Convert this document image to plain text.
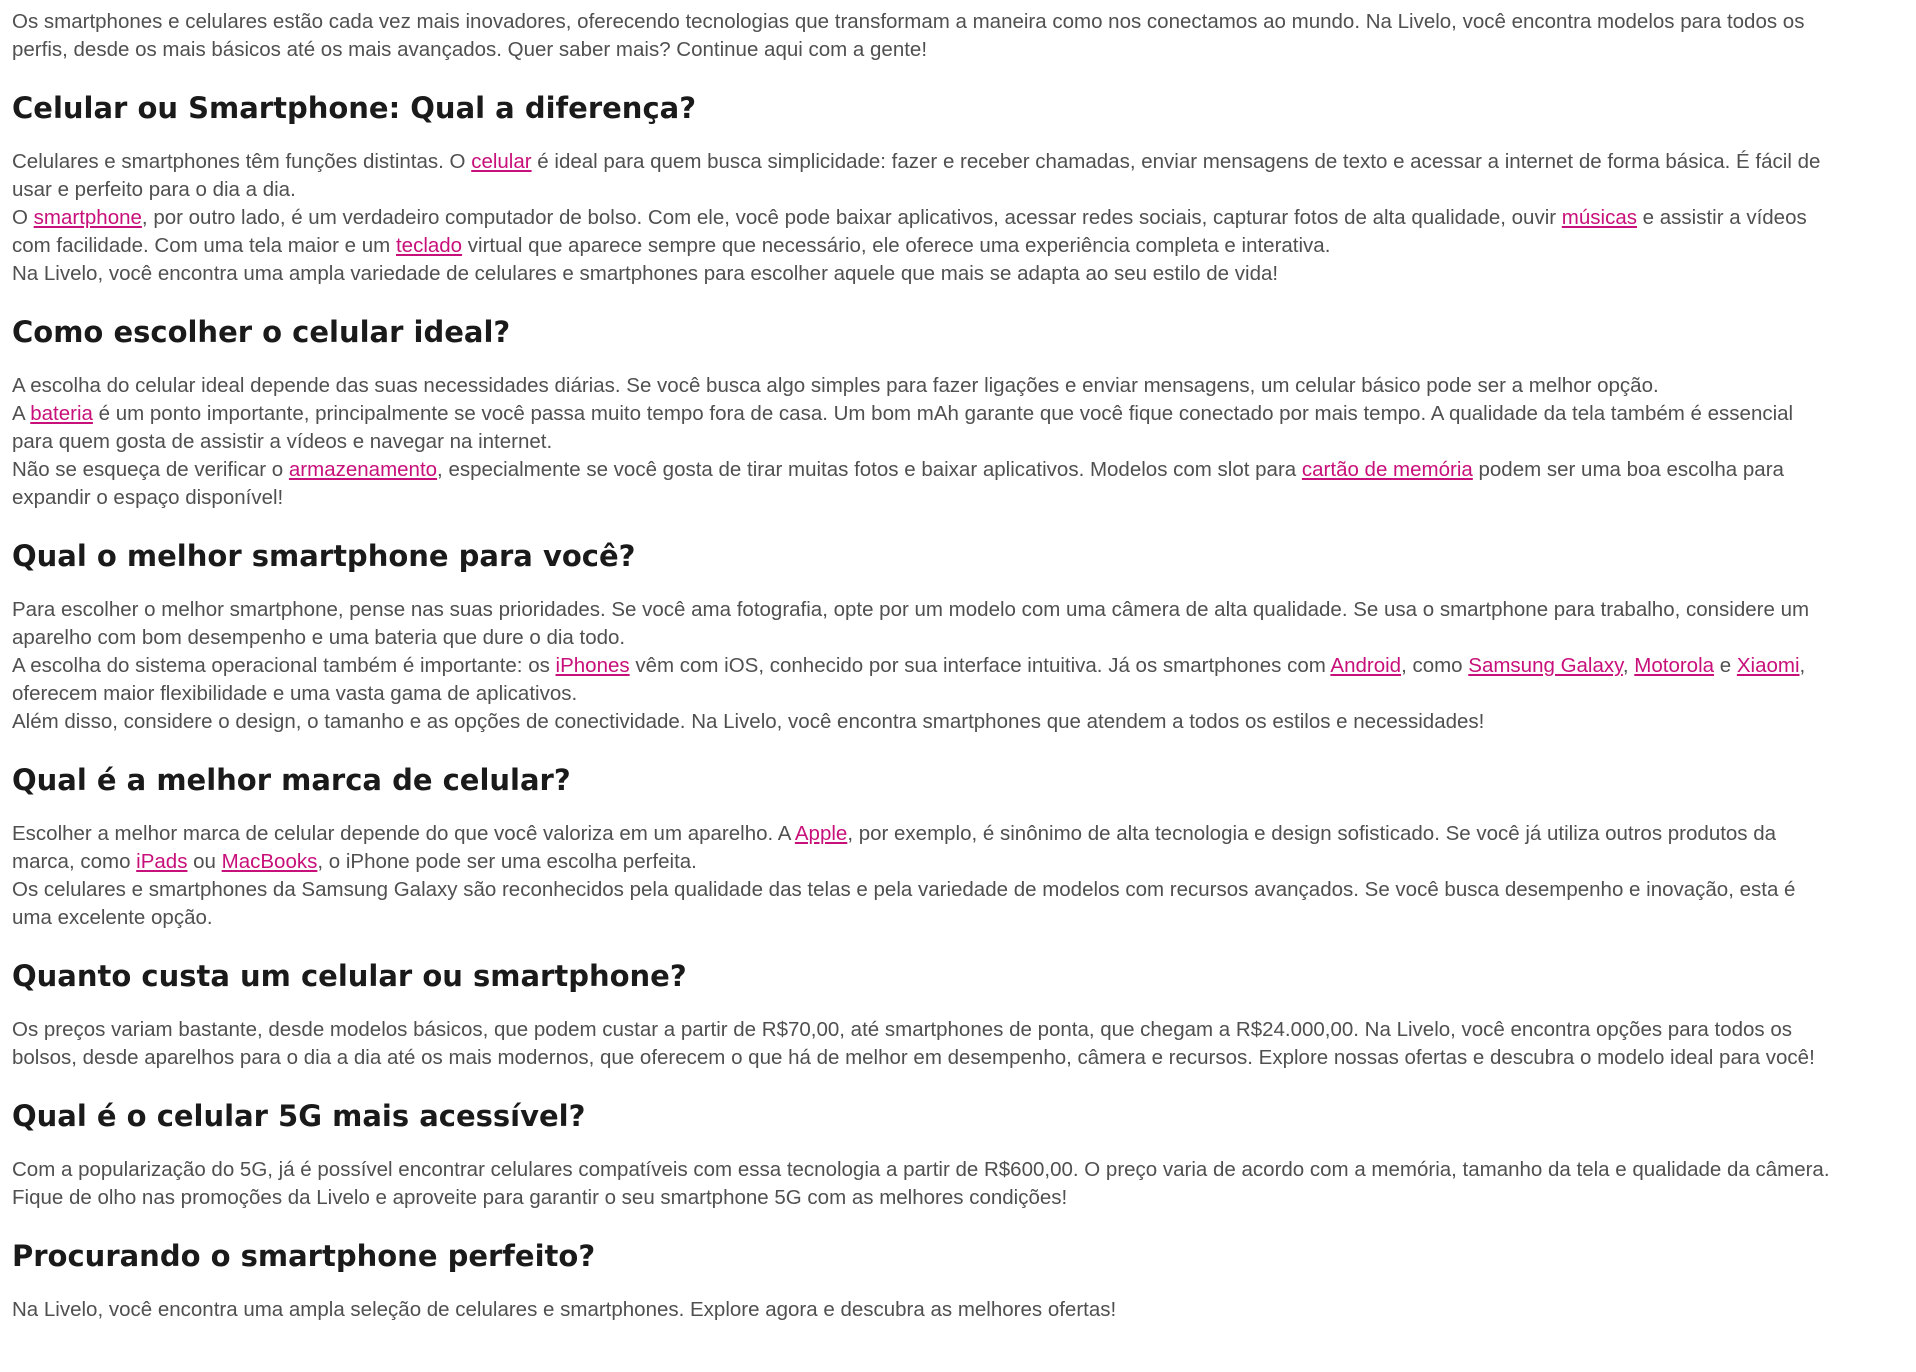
Os smartphones e celulares estão cada vez mais inovadores, oferecendo tecnologias que transformam a maneira como nos conectamos ao mundo. Na Livelo, você encontra modelos para todos os perfis, desde os mais básicos até os mais avançados. Quer saber mais? Continue aqui com a gente!

Celular ou Smartphone: Qual a diferença?

Celulares e smartphones têm funções distintas. O celular é ideal para quem busca simplicidade: fazer e receber chamadas, enviar mensagens de texto e acessar a internet de forma básica. É fácil de usar e perfeito para o dia a dia.

O smartphone, por outro lado, é um verdadeiro computador de bolso. Com ele, você pode baixar aplicativos, acessar redes sociais, capturar fotos de alta qualidade, ouvir músicas e assistir a vídeos com facilidade. Com uma tela maior e um teclado virtual que aparece sempre que necessário, ele oferece uma experiência completa e interativa.

Na Livelo, você encontra uma ampla variedade de celulares e smartphones para escolher aquele que mais se adapta ao seu estilo de vida!

Como escolher o celular ideal?

A escolha do celular ideal depende das suas necessidades diárias. Se você busca algo simples para fazer ligações e enviar mensagens, um celular básico pode ser a melhor opção.

A bateria é um ponto importante, principalmente se você passa muito tempo fora de casa. Um bom mAh garante que você fique conectado por mais tempo. A qualidade da tela também é essencial para quem gosta de assistir a vídeos e navegar na internet.

Não se esqueça de verificar o armazenamento, especialmente se você gosta de tirar muitas fotos e baixar aplicativos. Modelos com slot para cartão de memória podem ser uma boa escolha para expandir o espaço disponível!

Qual o melhor smartphone para você?

Para escolher o melhor smartphone, pense nas suas prioridades. Se você ama fotografia, opte por um modelo com uma câmera de alta qualidade. Se usa o smartphone para trabalho, considere um aparelho com bom desempenho e uma bateria que dure o dia todo.

A escolha do sistema operacional também é importante: os iPhones vêm com iOS, conhecido por sua interface intuitiva. Já os smartphones com Android, como Samsung Galaxy, Motorola e Xiaomi, oferecem maior flexibilidade e uma vasta gama de aplicativos.

Além disso, considere o design, o tamanho e as opções de conectividade. Na Livelo, você encontra smartphones que atendem a todos os estilos e necessidades!

Qual é a melhor marca de celular?

Escolher a melhor marca de celular depende do que você valoriza em um aparelho. A Apple, por exemplo, é sinônimo de alta tecnologia e design sofisticado. Se você já utiliza outros produtos da marca, como iPads ou MacBooks, o iPhone pode ser uma escolha perfeita.

Os celulares e smartphones da Samsung Galaxy são reconhecidos pela qualidade das telas e pela variedade de modelos com recursos avançados. Se você busca desempenho e inovação, esta é uma excelente opção.

Quanto custa um celular ou smartphone?

Os preços variam bastante, desde modelos básicos, que podem custar a partir de R$70,00, até smartphones de ponta, que chegam a R$24.000,00. Na Livelo, você encontra opções para todos os bolsos, desde aparelhos para o dia a dia até os mais modernos, que oferecem o que há de melhor em desempenho, câmera e recursos. Explore nossas ofertas e descubra o modelo ideal para você!

Qual é o celular 5G mais acessível?

Com a popularização do 5G, já é possível encontrar celulares compatíveis com essa tecnologia a partir de R$600,00. O preço varia de acordo com a memória, tamanho da tela e qualidade da câmera. Fique de olho nas promoções da Livelo e aproveite para garantir o seu smartphone 5G com as melhores condições!

Procurando o smartphone perfeito?

Na Livelo, você encontra uma ampla seleção de celulares e smartphones. Explore agora e descubra as melhores ofertas!
